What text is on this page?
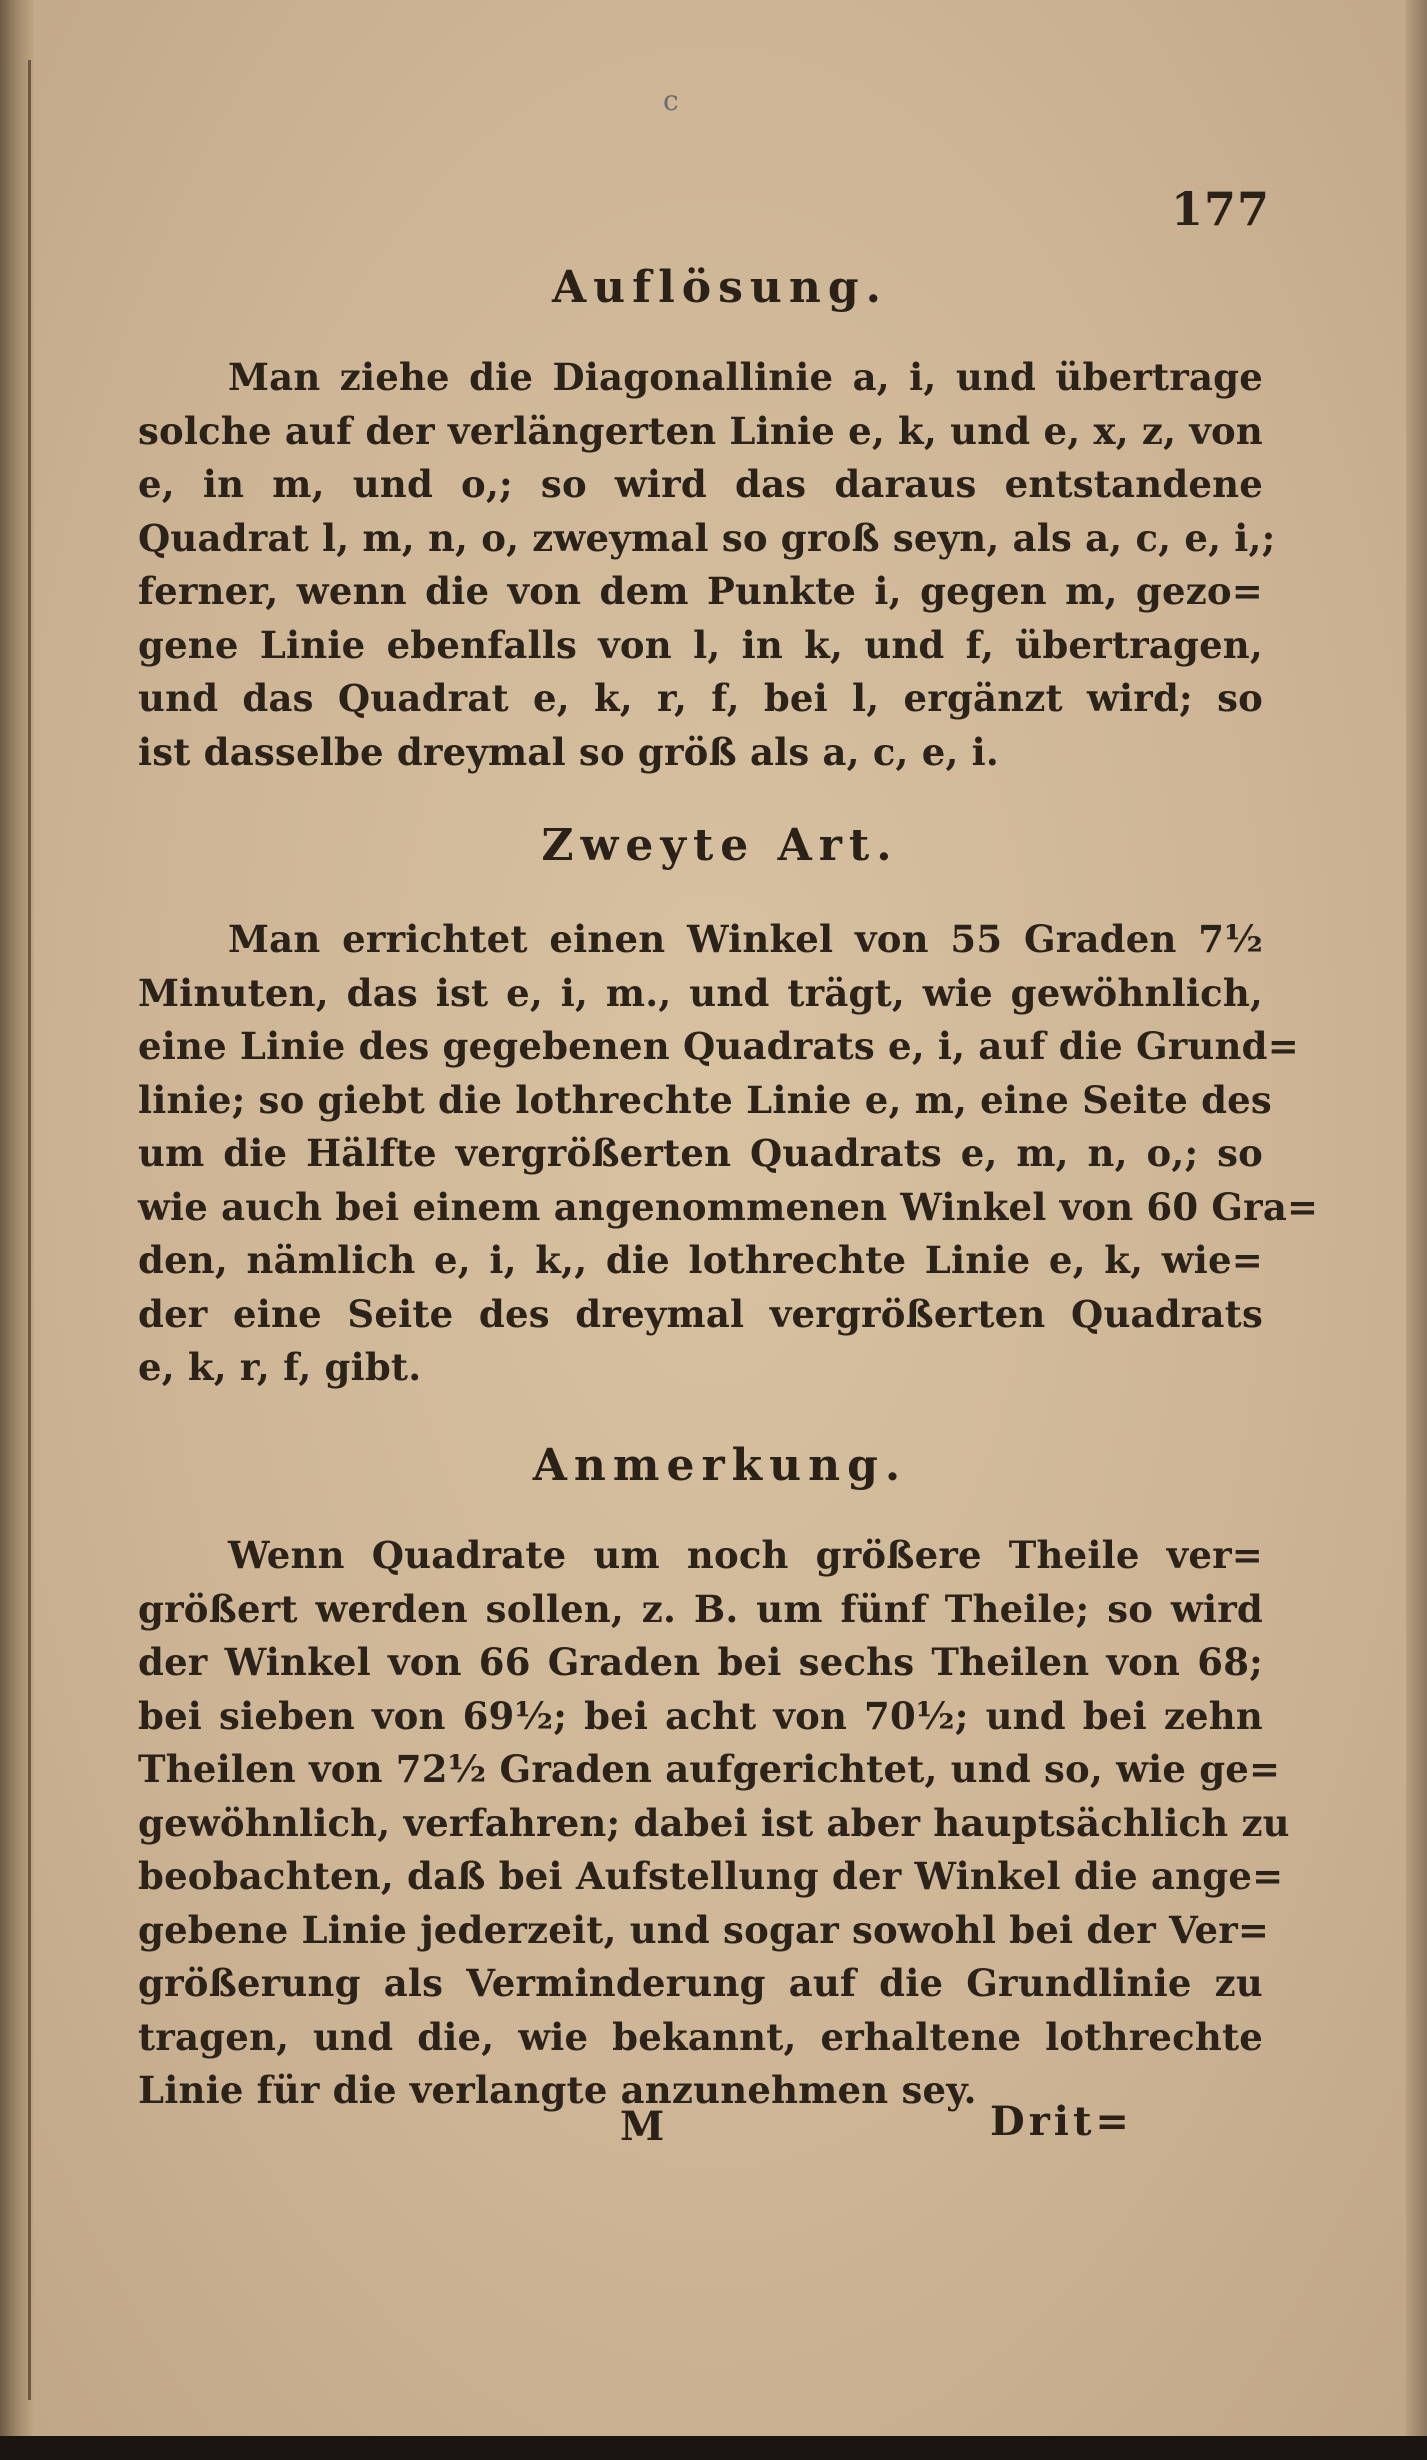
c
177
Auflösung.
Man ziehe die Diagonallinie a, i, und übertrage
solche auf der verlängerten Linie e, k, und e, x, z, von
e, in m, und o,; so wird das daraus entstandene
Quadrat l, m, n, o, zweymal so groß seyn, als a, c, e, i,;
ferner, wenn die von dem Punkte i, gegen m, gezo=
gene Linie ebenfalls von l, in k, und f, übertragen,
und das Quadrat e, k, r, f, bei l, ergänzt wird; so
ist dasselbe dreymal so größ als a, c, e, i.
Zweyte Art.
Man errichtet einen Winkel von 55 Graden 7½
Minuten, das ist e, i, m., und trägt, wie gewöhnlich,
eine Linie des gegebenen Quadrats e, i, auf die Grund=
linie; so giebt die lothrechte Linie e, m, eine Seite des
um die Hälfte vergrößerten Quadrats e, m, n, o,; so
wie auch bei einem angenommenen Winkel von 60 Gra=
den, nämlich e, i, k,, die lothrechte Linie e, k, wie=
der eine Seite des dreymal vergrößerten Quadrats
e, k, r, f, gibt.
Anmerkung.
Wenn Quadrate um noch größere Theile ver=
größert werden sollen, z. B. um fünf Theile; so wird
der Winkel von 66 Graden bei sechs Theilen von 68;
bei sieben von 69½; bei acht von 70½; und bei zehn
Theilen von 72½ Graden aufgerichtet, und so, wie ge=
gewöhnlich, verfahren; dabei ist aber hauptsächlich zu
beobachten, daß bei Aufstellung der Winkel die ange=
gebene Linie jederzeit, und sogar sowohl bei der Ver=
größerung als Verminderung auf die Grundlinie zu
tragen, und die, wie bekannt, erhaltene lothrechte
Linie für die verlangte anzunehmen sey.
M	Drit=
